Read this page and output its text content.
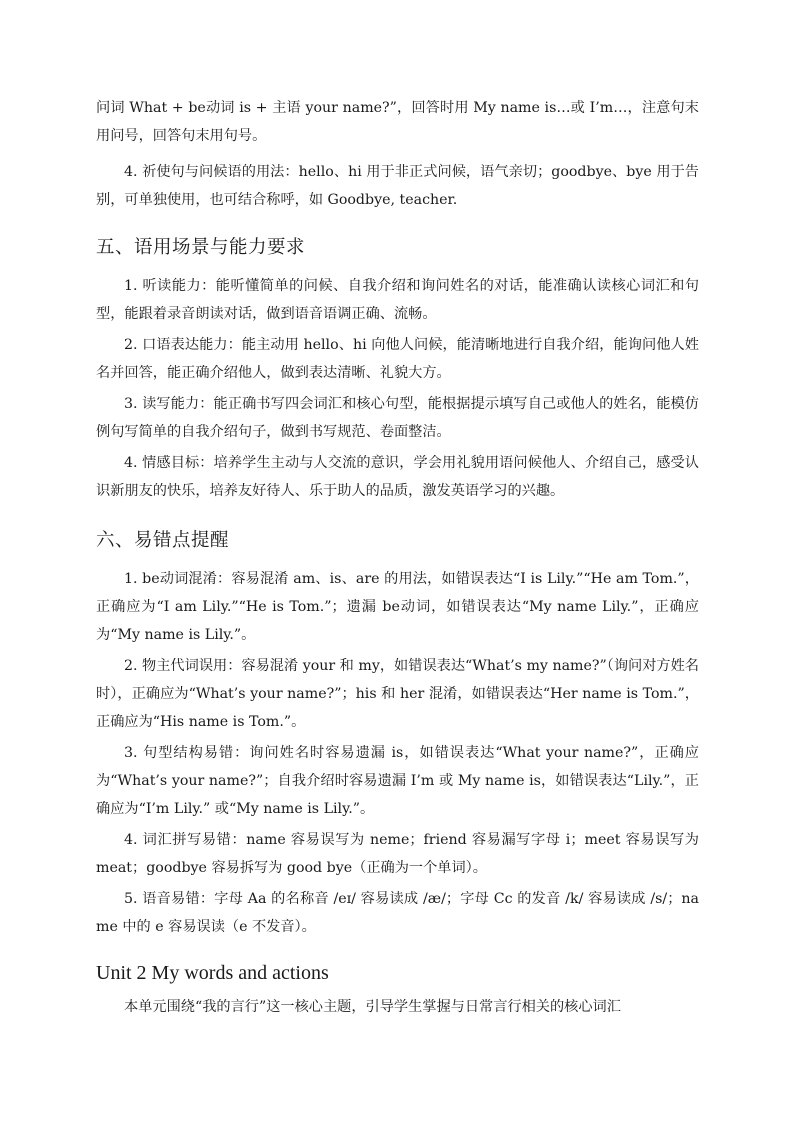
问词 What + be动词 is + 主语 your name?”，回答时用 My name is…或 I’m…，注意句末用问号，回答句末用句号。

4. 祈使句与问候语的用法：hello、hi 用于非正式问候，语气亲切；goodbye、bye 用于告别，可单独使用，也可结合称呼，如 Goodbye, teacher.

五、语用场景与能力要求

1. 听读能力：能听懂简单的问候、自我介绍和询问姓名的对话，能准确认读核心词汇和句型，能跟着录音朗读对话，做到语音语调正确、流畅。

2. 口语表达能力：能主动用 hello、hi 向他人问候，能清晰地进行自我介绍，能询问他人姓名并回答，能正确介绍他人，做到表达清晰、礼貌大方。

3. 读写能力：能正确书写四会词汇和核心句型，能根据提示填写自己或他人的姓名，能模仿例句写简单的自我介绍句子，做到书写规范、卷面整洁。

4. 情感目标：培养学生主动与人交流的意识，学会用礼貌用语问候他人、介绍自己，感受认识新朋友的快乐，培养友好待人、乐于助人的品质，激发英语学习的兴趣。

六、易错点提醒

1. be动词混淆：容易混淆 am、is、are 的用法，如错误表达“I is Lily.”“He am Tom.”，正确应为“I am Lily.”“He is Tom.”；遗漏 be动词，如错误表达“My name Lily.”，正确应为“My name is Lily.”。

2. 物主代词误用：容易混淆 your 和 my，如错误表达“What’s my name?”（询问对方姓名时），正确应为“What’s your name?”；his 和 her 混淆，如错误表达“Her name is Tom.”，正确应为“His name is Tom.”。

3. 句型结构易错：询问姓名时容易遗漏 is，如错误表达“What your name?”，正确应为“What’s your name?”；自我介绍时容易遗漏 I’m 或 My name is，如错误表达“Lily.”，正确应为“I’m Lily.” 或“My name is Lily.”。

4. 词汇拼写易错：name 容易误写为 neme；friend 容易漏写字母 i；meet 容易误写为 meat；goodbye 容易拆写为 good bye（正确为一个单词）。

5. 语音易错：字母 Aa 的名称音 /eɪ/ 容易读成 /æ/；字母 Cc 的发音 /k/ 容易读成 /s/；name 中的 e 容易误读（e 不发音）。

Unit 2 My words and actions

本单元围绕“我的言行”这一核心主题，引导学生掌握与日常言行相关的核心词汇
